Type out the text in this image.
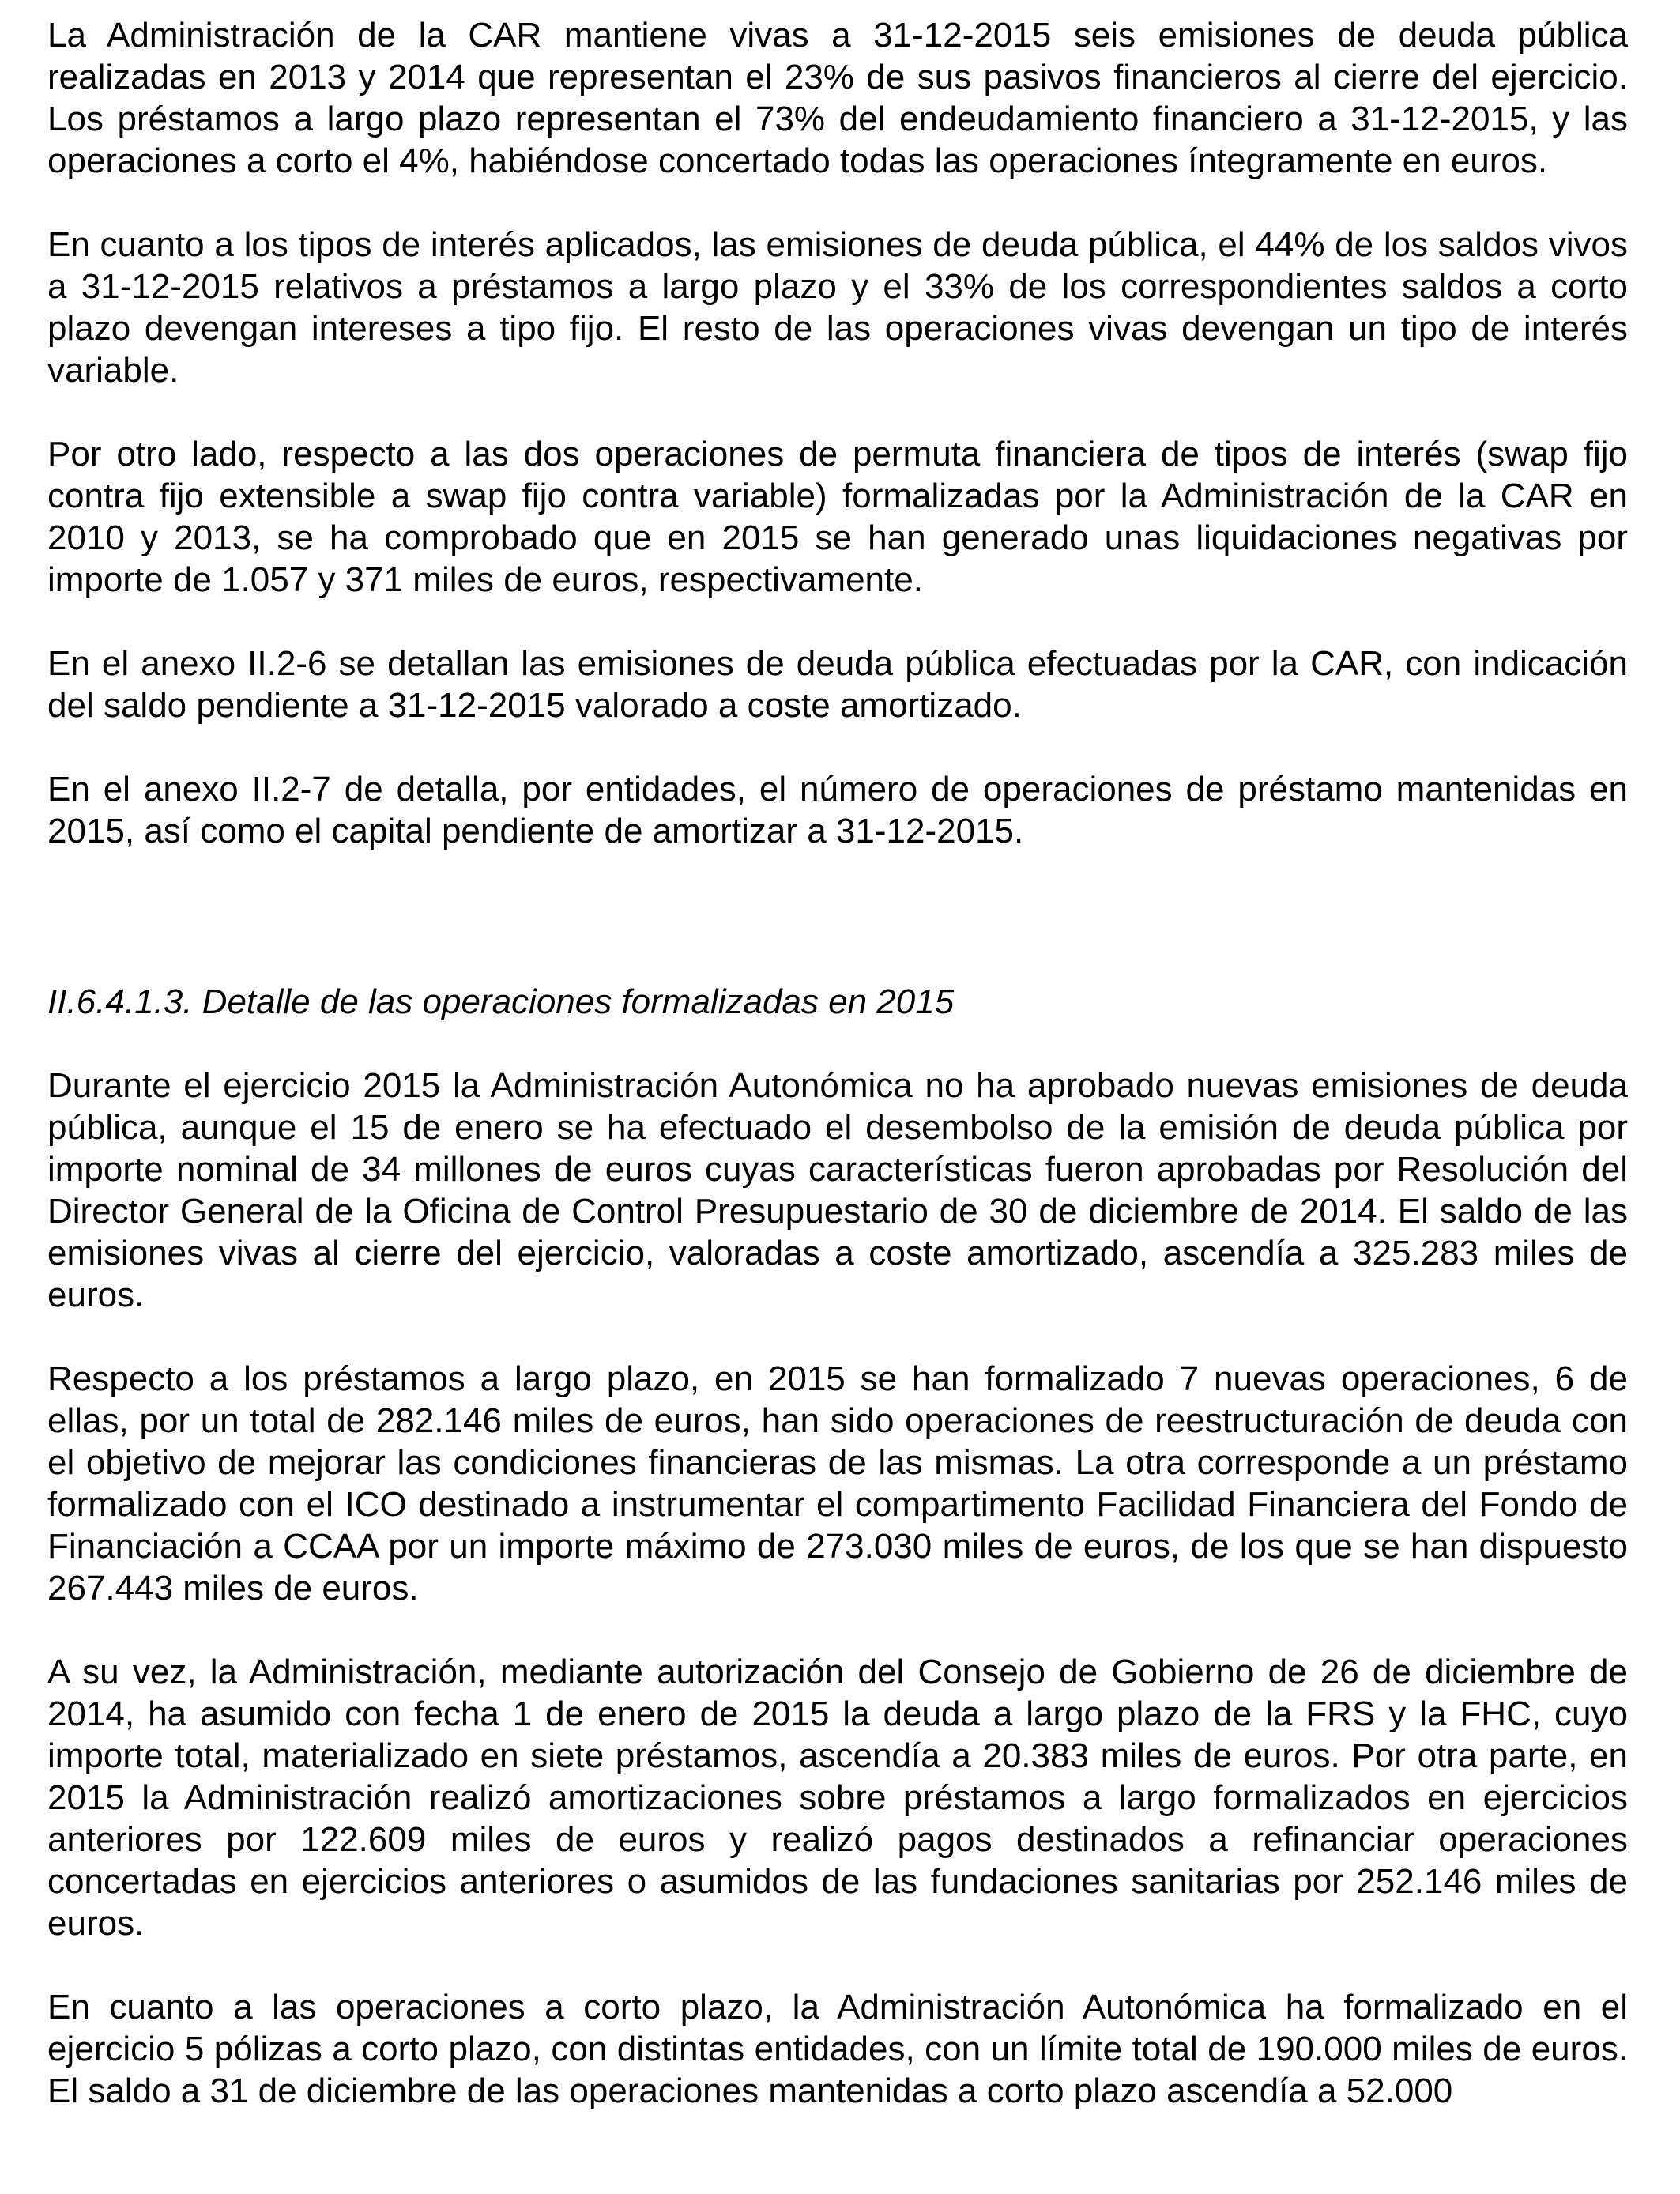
La Administración de la CAR mantiene vivas a 31-12-2015 seis emisiones de deuda pública realizadas en 2013 y 2014 que representan el 23% de sus pasivos financieros al cierre del ejercicio. Los préstamos a largo plazo representan el 73% del endeudamiento financiero a 31-12-2015, y las operaciones a corto el 4%, habiéndose concertado todas las operaciones íntegramente en euros.

En cuanto a los tipos de interés aplicados, las emisiones de deuda pública, el 44% de los saldos vivos a 31-12-2015 relativos a préstamos a largo plazo y el 33% de los correspondientes saldos a corto plazo devengan intereses a tipo fijo. El resto de las operaciones vivas devengan un tipo de interés variable.

Por otro lado, respecto a las dos operaciones de permuta financiera de tipos de interés (swap fijo contra fijo extensible a swap fijo contra variable) formalizadas por la Administración de la CAR en 2010 y 2013, se ha comprobado que en 2015 se han generado unas liquidaciones negativas por importe de 1.057 y 371 miles de euros, respectivamente.

En el anexo II.2-6 se detallan las emisiones de deuda pública efectuadas por la CAR, con indicación del saldo pendiente a 31-12-2015 valorado a coste amortizado.

En el anexo II.2-7 de detalla, por entidades, el número de operaciones de préstamo mantenidas en 2015, así como el capital pendiente de amortizar a 31-12-2015.

II.6.4.1.3. Detalle de las operaciones formalizadas en 2015

Durante el ejercicio 2015 la Administración Autonómica no ha aprobado nuevas emisiones de deuda pública, aunque el 15 de enero se ha efectuado el desembolso de la emisión de deuda pública por importe nominal de 34 millones de euros cuyas características fueron aprobadas por Resolución del Director General de la Oficina de Control Presupuestario de 30 de diciembre de 2014. El saldo de las emisiones vivas al cierre del ejercicio, valoradas a coste amortizado, ascendía a 325.283 miles de euros.

Respecto a los préstamos a largo plazo, en 2015 se han formalizado 7 nuevas operaciones, 6 de ellas, por un total de 282.146 miles de euros, han sido operaciones de reestructuración de deuda con el objetivo de mejorar las condiciones financieras de las mismas. La otra corresponde a un préstamo formalizado con el ICO destinado a instrumentar el compartimento Facilidad Financiera del Fondo de Financiación a CCAA por un importe máximo de 273.030 miles de euros, de los que se han dispuesto 267.443 miles de euros.

A su vez, la Administración, mediante autorización del Consejo de Gobierno de 26 de diciembre de 2014, ha asumido con fecha 1 de enero de 2015 la deuda a largo plazo de la FRS y la FHC, cuyo importe total, materializado en siete préstamos, ascendía a 20.383 miles de euros. Por otra parte, en 2015 la Administración realizó amortizaciones sobre préstamos a largo formalizados en ejercicios anteriores por 122.609 miles de euros y realizó pagos destinados a refinanciar operaciones concertadas en ejercicios anteriores o asumidos de las fundaciones sanitarias por 252.146 miles de euros.

En cuanto a las operaciones a corto plazo, la Administración Autonómica ha formalizado en el ejercicio 5 pólizas a corto plazo, con distintas entidades, con un límite total de 190.000 miles de euros. El saldo a 31 de diciembre de las operaciones mantenidas a corto plazo ascendía a 52.000
